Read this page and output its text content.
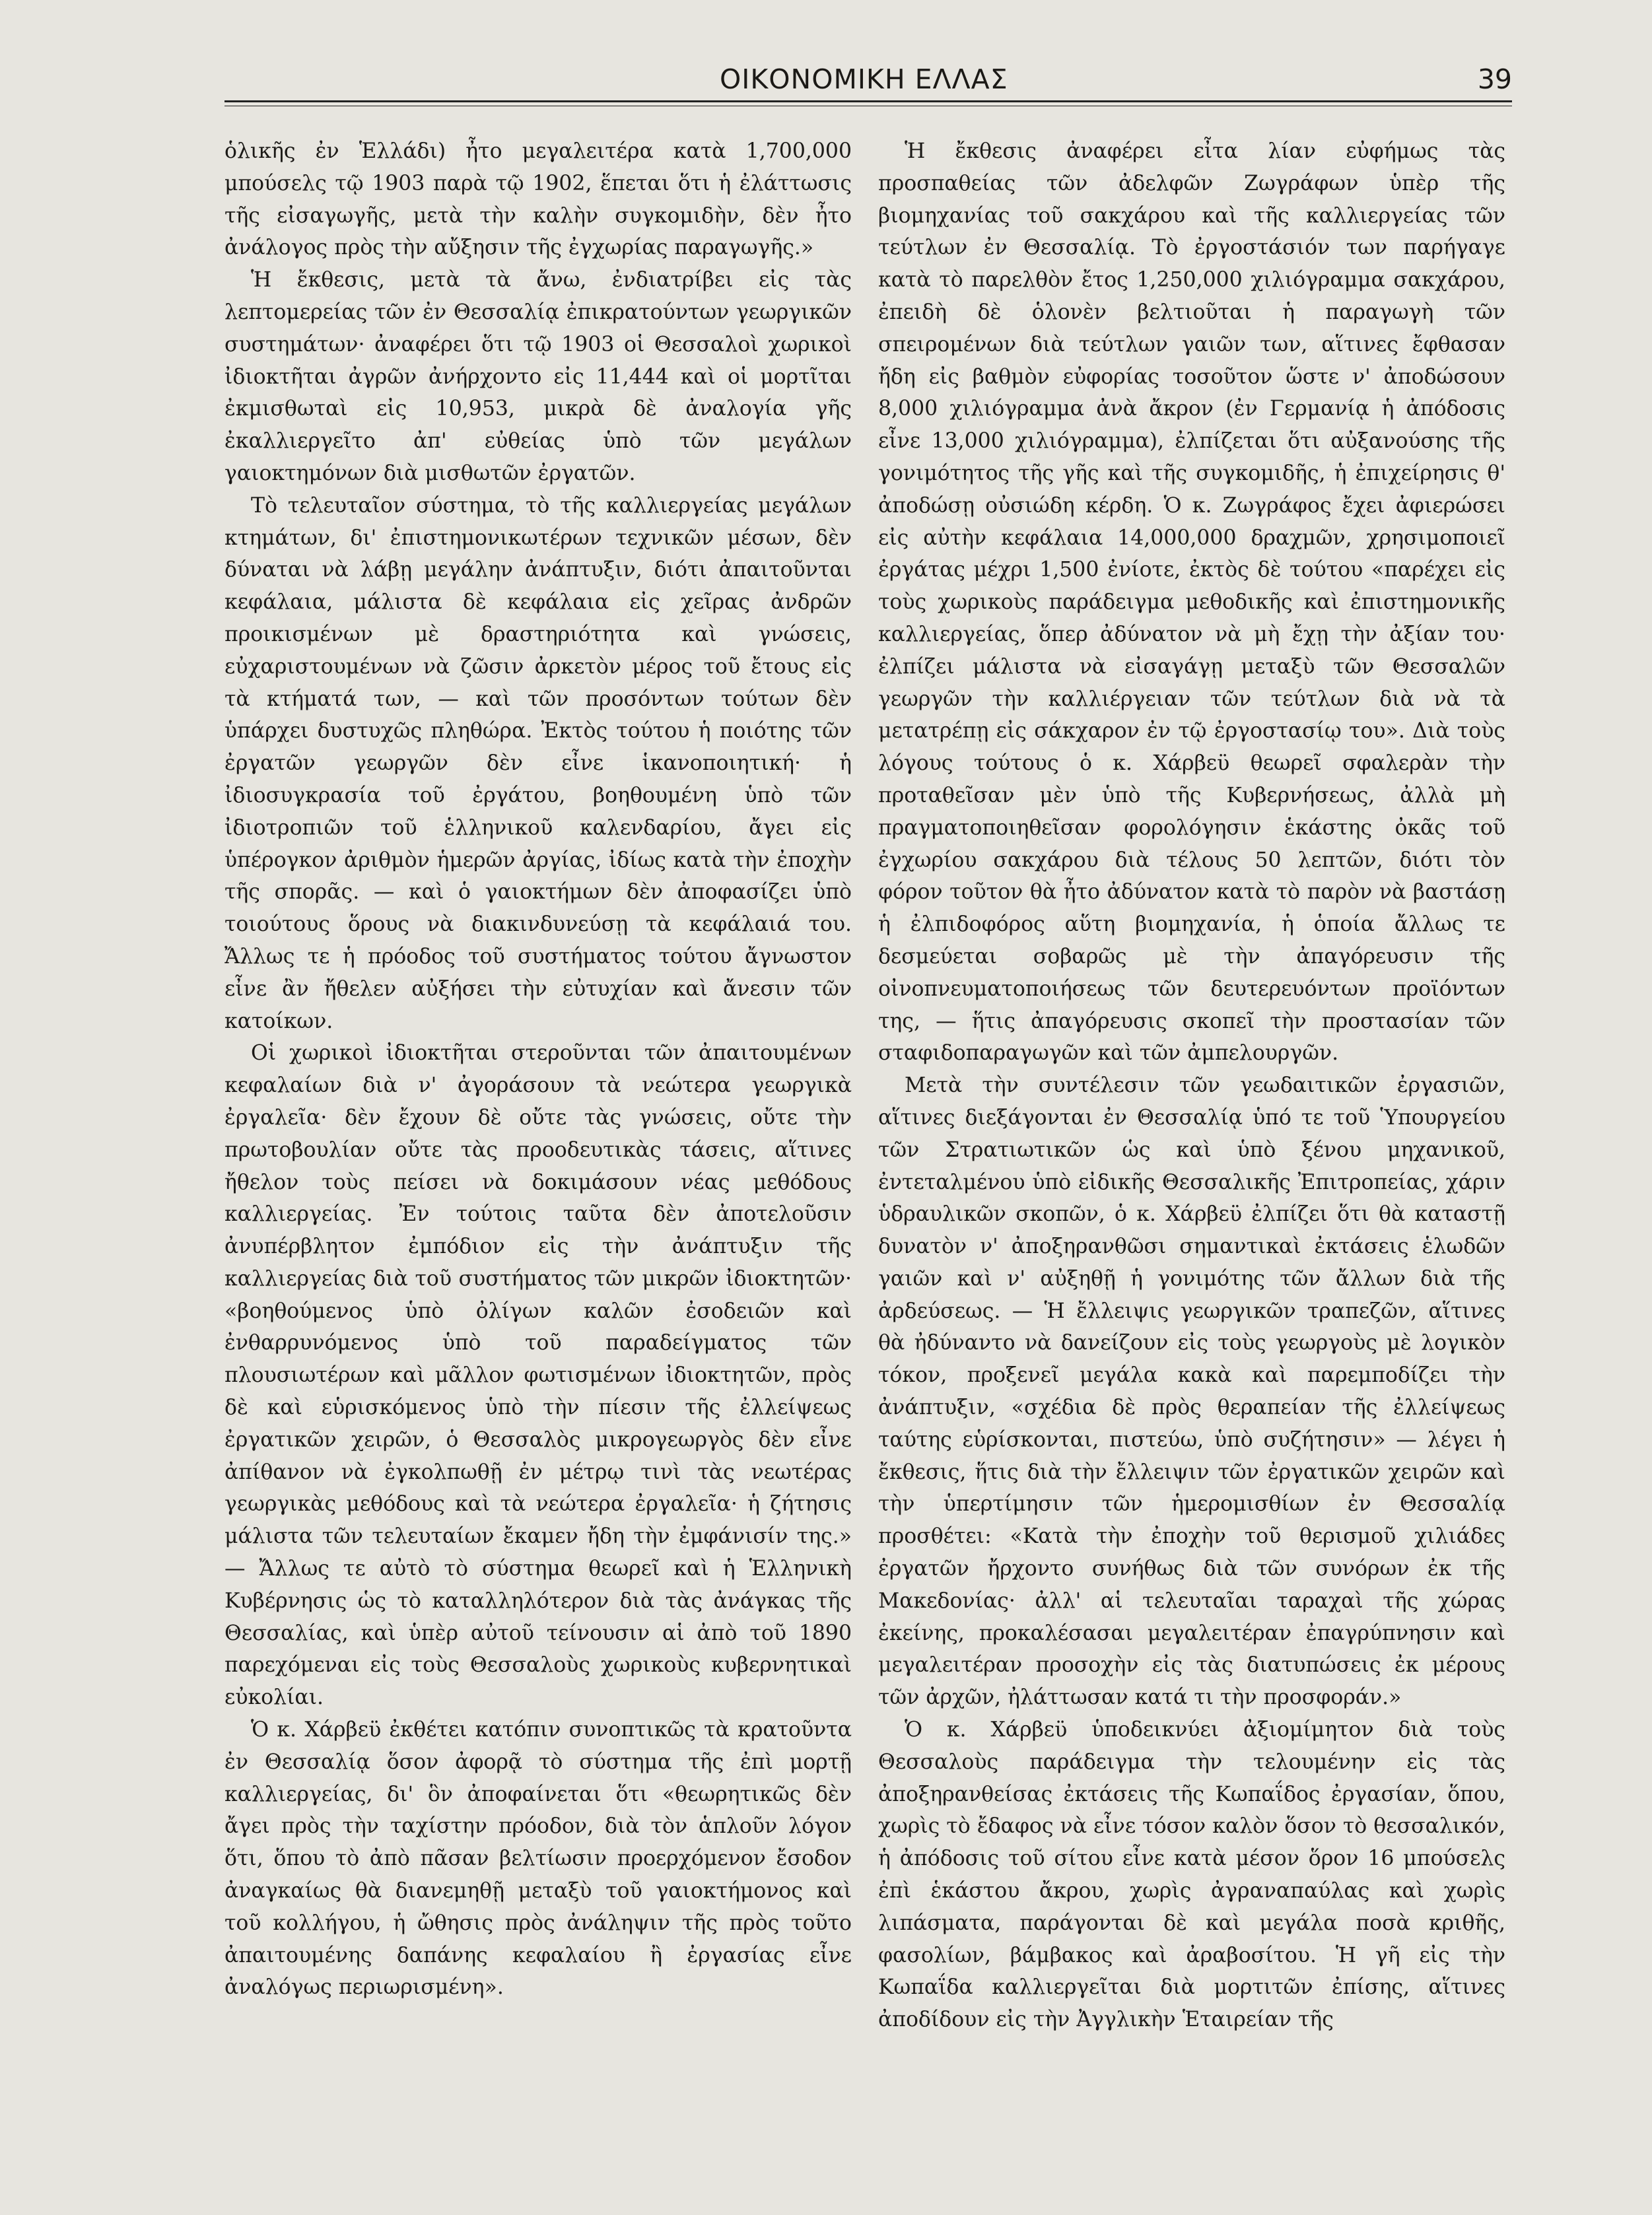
ΟΙΚΟΝΟΜΙΚΗ ΕΛΛΑΣ	39

ὁλικῆς ἐν Ἑλλάδι) ἦτο μεγαλειτέρα κατὰ 1,700,000 μπούσελς τῷ 1903 παρὰ τῷ 1902, ἕπεται ὅτι ἡ ἐλάττωσις τῆς εἰσαγωγῆς, μετὰ τὴν καλὴν συγκομιδὴν, δὲν ἦτο ἀνάλογος πρὸς τὴν αὔξησιν τῆς ἐγχωρίας παραγωγῆς.»

Ἡ ἔκθεσις, μετὰ τὰ ἄνω, ἐνδιατρίβει εἰς τὰς λεπτομερείας τῶν ἐν Θεσσαλίᾳ ἐπικρατούντων γεωργικῶν συστημάτων· ἀναφέρει ὅτι τῷ 1903 οἱ Θεσσαλοὶ χωρικοὶ ἰδιοκτῆται ἀγρῶν ἀνήρχοντο εἰς 11,444 καὶ οἱ μορτῖται ἐκμισθωταὶ εἰς 10,953, μικρὰ δὲ ἀναλογία γῆς ἐκαλλιεργεῖτο ἀπ' εὐθείας ὑπὸ τῶν μεγάλων γαιοκτημόνων διὰ μισθωτῶν ἐργατῶν.

Τὸ τελευταῖον σύστημα, τὸ τῆς καλλιεργείας μεγάλων κτημάτων, δι' ἐπιστημονικωτέρων τεχνικῶν μέσων, δὲν δύναται νὰ λάβῃ μεγάλην ἀνάπτυξιν, διότι ἀπαιτοῦνται κεφάλαια, μάλιστα δὲ κεφάλαια εἰς χεῖρας ἀνδρῶν προικισμένων μὲ δραστηριότητα καὶ γνώσεις, εὐχαριστουμένων νὰ ζῶσιν ἀρκετὸν μέρος τοῦ ἔτους εἰς τὰ κτήματά των, — καὶ τῶν προσόντων τούτων δὲν ὑπάρχει δυστυχῶς πληθώρα. Ἐκτὸς τούτου ἡ ποιότης τῶν ἐργατῶν γεωργῶν δὲν εἶνε ἱκανοποιητική· ἡ ἰδιοσυγκρασία τοῦ ἐργάτου, βοηθουμένη ὑπὸ τῶν ἰδιοτροπιῶν τοῦ ἑλληνικοῦ καλενδαρίου, ἄγει εἰς ὑπέρογκον ἀριθμὸν ἡμερῶν ἀργίας, ἰδίως κατὰ τὴν ἐποχὴν τῆς σπορᾶς. — καὶ ὁ γαιοκτήμων δὲν ἀποφασίζει ὑπὸ τοιούτους ὅρους νὰ διακινδυνεύσῃ τὰ κεφάλαιά του. Ἄλλως τε ἡ πρόοδος τοῦ συστήματος τούτου ἄγνωστον εἶνε ἂν ἤθελεν αὐξήσει τὴν εὐτυχίαν καὶ ἄνεσιν τῶν κατοίκων.

Οἱ χωρικοὶ ἰδιοκτῆται στεροῦνται τῶν ἀπαιτουμένων κεφαλαίων διὰ ν' ἀγοράσουν τὰ νεώτερα γεωργικὰ ἐργαλεῖα· δὲν ἔχουν δὲ οὔτε τὰς γνώσεις, οὔτε τὴν πρωτοβουλίαν οὔτε τὰς προοδευτικὰς τάσεις, αἵτινες ἤθελον τοὺς πείσει νὰ δοκιμάσουν νέας μεθόδους καλλιεργείας. Ἐν τούτοις ταῦτα δὲν ἀποτελοῦσιν ἀνυπέρβλητον ἐμπόδιον εἰς τὴν ἀνάπτυξιν τῆς καλλιεργείας διὰ τοῦ συστήματος τῶν μικρῶν ἰδιοκτητῶν· «βοηθούμενος ὑπὸ ὀλίγων καλῶν ἐσοδειῶν καὶ ἐνθαρρυνόμενος ὑπὸ τοῦ παραδείγματος τῶν πλουσιωτέρων καὶ μᾶλλον φωτισμένων ἰδιοκτητῶν, πρὸς δὲ καὶ εὑρισκόμενος ὑπὸ τὴν πίεσιν τῆς ἐλλείψεως ἐργατικῶν χειρῶν, ὁ Θεσσαλὸς μικρογεωργὸς δὲν εἶνε ἀπίθανον νὰ ἐγκολπωθῇ ἐν μέτρῳ τινὶ τὰς νεωτέρας γεωργικὰς μεθόδους καὶ τὰ νεώτερα ἐργαλεῖα· ἡ ζήτησις μάλιστα τῶν τελευταίων ἔκαμεν ἤδη τὴν ἐμφάνισίν της.» — Ἄλλως τε αὐτὸ τὸ σύστημα θεωρεῖ καὶ ἡ Ἑλληνικὴ Κυβέρνησις ὡς τὸ καταλληλότερον διὰ τὰς ἀνάγκας τῆς Θεσσαλίας, καὶ ὑπὲρ αὐτοῦ τείνουσιν αἱ ἀπὸ τοῦ 1890 παρεχόμεναι εἰς τοὺς Θεσσαλοὺς χωρικοὺς κυβερνητικαὶ εὐκολίαι.

Ὁ κ. Χάρβεϋ ἐκθέτει κατόπιν συνοπτικῶς τὰ κρατοῦντα ἐν Θεσσαλίᾳ ὅσον ἀφορᾷ τὸ σύστημα τῆς ἐπὶ μορτῇ καλλιεργείας, δι' ὃν ἀποφαίνεται ὅτι «θεωρητικῶς δὲν ἄγει πρὸς τὴν ταχίστην πρόοδον, διὰ τὸν ἁπλοῦν λόγον ὅτι, ὅπου τὸ ἀπὸ πᾶσαν βελτίωσιν προερχόμενον ἔσοδον ἀναγκαίως θὰ διανεμηθῇ μεταξὺ τοῦ γαιοκτήμονος καὶ τοῦ κολλήγου, ἡ ὤθησις πρὸς ἀνάληψιν τῆς πρὸς τοῦτο ἀπαιτουμένης δαπάνης κεφαλαίου ἢ ἐργασίας εἶνε ἀναλόγως περιωρισμένη».

Ἡ ἔκθεσις ἀναφέρει εἶτα λίαν εὐφήμως τὰς προσπαθείας τῶν ἀδελφῶν Ζωγράφων ὑπὲρ τῆς βιομηχανίας τοῦ σακχάρου καὶ τῆς καλλιεργείας τῶν τεύτλων ἐν Θεσσαλίᾳ. Τὸ ἐργοστάσιόν των παρήγαγε κατὰ τὸ παρελθὸν ἔτος 1,250,000 χιλιόγραμμα σακχάρου, ἐπειδὴ δὲ ὁλονὲν βελτιοῦται ἡ παραγωγὴ τῶν σπειρομένων διὰ τεύτλων γαιῶν των, αἵτινες ἔφθασαν ἤδη εἰς βαθμὸν εὐφορίας τοσοῦτον ὥστε ν' ἀποδώσουν 8,000 χιλιόγραμμα ἀνὰ ἄκρον (ἐν Γερμανίᾳ ἡ ἀπόδοσις εἶνε 13,000 χιλιόγραμμα), ἐλπίζεται ὅτι αὐξανούσης τῆς γονιμότητος τῆς γῆς καὶ τῆς συγκομιδῆς, ἡ ἐπιχείρησις θ' ἀποδώσῃ οὐσιώδη κέρδη. Ὁ κ. Ζωγράφος ἔχει ἀφιερώσει εἰς αὐτὴν κεφάλαια 14,000,000 δραχμῶν, χρησιμοποιεῖ ἐργάτας μέχρι 1,500 ἐνίοτε, ἐκτὸς δὲ τούτου «παρέχει εἰς τοὺς χωρικοὺς παράδειγμα μεθοδικῆς καὶ ἐπιστημονικῆς καλλιεργείας, ὅπερ ἀδύνατον νὰ μὴ ἔχῃ τὴν ἀξίαν του· ἐλπίζει μάλιστα νὰ εἰσαγάγῃ μεταξὺ τῶν Θεσσαλῶν γεωργῶν τὴν καλλιέργειαν τῶν τεύτλων διὰ νὰ τὰ μετατρέπῃ εἰς σάκχαρον ἐν τῷ ἐργοστασίῳ του». Διὰ τοὺς λόγους τούτους ὁ κ. Χάρβεϋ θεωρεῖ σφαλερὰν τὴν προταθεῖσαν μὲν ὑπὸ τῆς Κυβερνήσεως, ἀλλὰ μὴ πραγματοποιηθεῖσαν φορολόγησιν ἑκάστης ὀκᾶς τοῦ ἐγχωρίου σακχάρου διὰ τέλους 50 λεπτῶν, διότι τὸν φόρον τοῦτον θὰ ἦτο ἀδύνατον κατὰ τὸ παρὸν νὰ βαστάσῃ ἡ ἐλπιδοφόρος αὕτη βιομηχανία, ἡ ὁποία ἄλλως τε δεσμεύεται σοβαρῶς μὲ τὴν ἀπαγόρευσιν τῆς οἰνοπνευματοποιήσεως τῶν δευτερευόντων προϊόντων της, — ἥτις ἀπαγόρευσις σκοπεῖ τὴν προστασίαν τῶν σταφιδοπαραγωγῶν καὶ τῶν ἀμπελουργῶν.

Μετὰ τὴν συντέλεσιν τῶν γεωδαιτικῶν ἐργασιῶν, αἵτινες διεξάγονται ἐν Θεσσαλίᾳ ὑπό τε τοῦ Ὑπουργείου τῶν Στρατιωτικῶν ὡς καὶ ὑπὸ ξένου μηχανικοῦ, ἐντεταλμένου ὑπὸ εἰδικῆς Θεσσαλικῆς Ἐπιτροπείας, χάριν ὑδραυλικῶν σκοπῶν, ὁ κ. Χάρβεϋ ἐλπίζει ὅτι θὰ καταστῇ δυνατὸν ν' ἀποξηρανθῶσι σημαντικαὶ ἐκτάσεις ἑλωδῶν γαιῶν καὶ ν' αὐξηθῇ ἡ γονιμότης τῶν ἄλλων διὰ τῆς ἀρδεύσεως. — Ἡ ἔλλειψις γεωργικῶν τραπεζῶν, αἵτινες θὰ ἠδύναντο νὰ δανείζουν εἰς τοὺς γεωργοὺς μὲ λογικὸν τόκον, προξενεῖ μεγάλα κακὰ καὶ παρεμποδίζει τὴν ἀνάπτυξιν, «σχέδια δὲ πρὸς θεραπείαν τῆς ἐλλείψεως ταύτης εὑρίσκονται, πιστεύω, ὑπὸ συζήτησιν» — λέγει ἡ ἔκθεσις, ἥτις διὰ τὴν ἔλλειψιν τῶν ἐργατικῶν χειρῶν καὶ τὴν ὑπερτίμησιν τῶν ἡμερομισθίων ἐν Θεσσαλίᾳ προσθέτει: «Κατὰ τὴν ἐποχὴν τοῦ θερισμοῦ χιλιάδες ἐργατῶν ἤρχοντο συνήθως διὰ τῶν συνόρων ἐκ τῆς Μακεδονίας· ἀλλ' αἱ τελευταῖαι ταραχαὶ τῆς χώρας ἐκείνης, προκαλέσασαι μεγαλειτέραν ἐπαγρύπνησιν καὶ μεγαλειτέραν προσοχὴν εἰς τὰς διατυπώσεις ἐκ μέρους τῶν ἀρχῶν, ἠλάττωσαν κατά τι τὴν προσφοράν.»

Ὁ κ. Χάρβεϋ ὑποδεικνύει ἀξιομίμητον διὰ τοὺς Θεσσαλοὺς παράδειγμα τὴν τελουμένην εἰς τὰς ἀποξηρανθείσας ἐκτάσεις τῆς Κωπαΐδος ἐργασίαν, ὅπου, χωρὶς τὸ ἔδαφος νὰ εἶνε τόσον καλὸν ὅσον τὸ θεσσαλικόν, ἡ ἀπόδοσις τοῦ σίτου εἶνε κατὰ μέσον ὅρον 16 μπούσελς ἐπὶ ἑκάστου ἄκρου, χωρὶς ἀγραναπαύλας καὶ χωρὶς λιπάσματα, παράγονται δὲ καὶ μεγάλα ποσὰ κριθῆς, φασολίων, βάμβακος καὶ ἀραβοσίτου. Ἡ γῆ εἰς τὴν Κωπαΐδα καλλιεργεῖται διὰ μορτιτῶν ἐπίσης, αἵτινες ἀποδίδουν εἰς τὴν Ἀγγλικὴν Ἑταιρείαν τῆς
